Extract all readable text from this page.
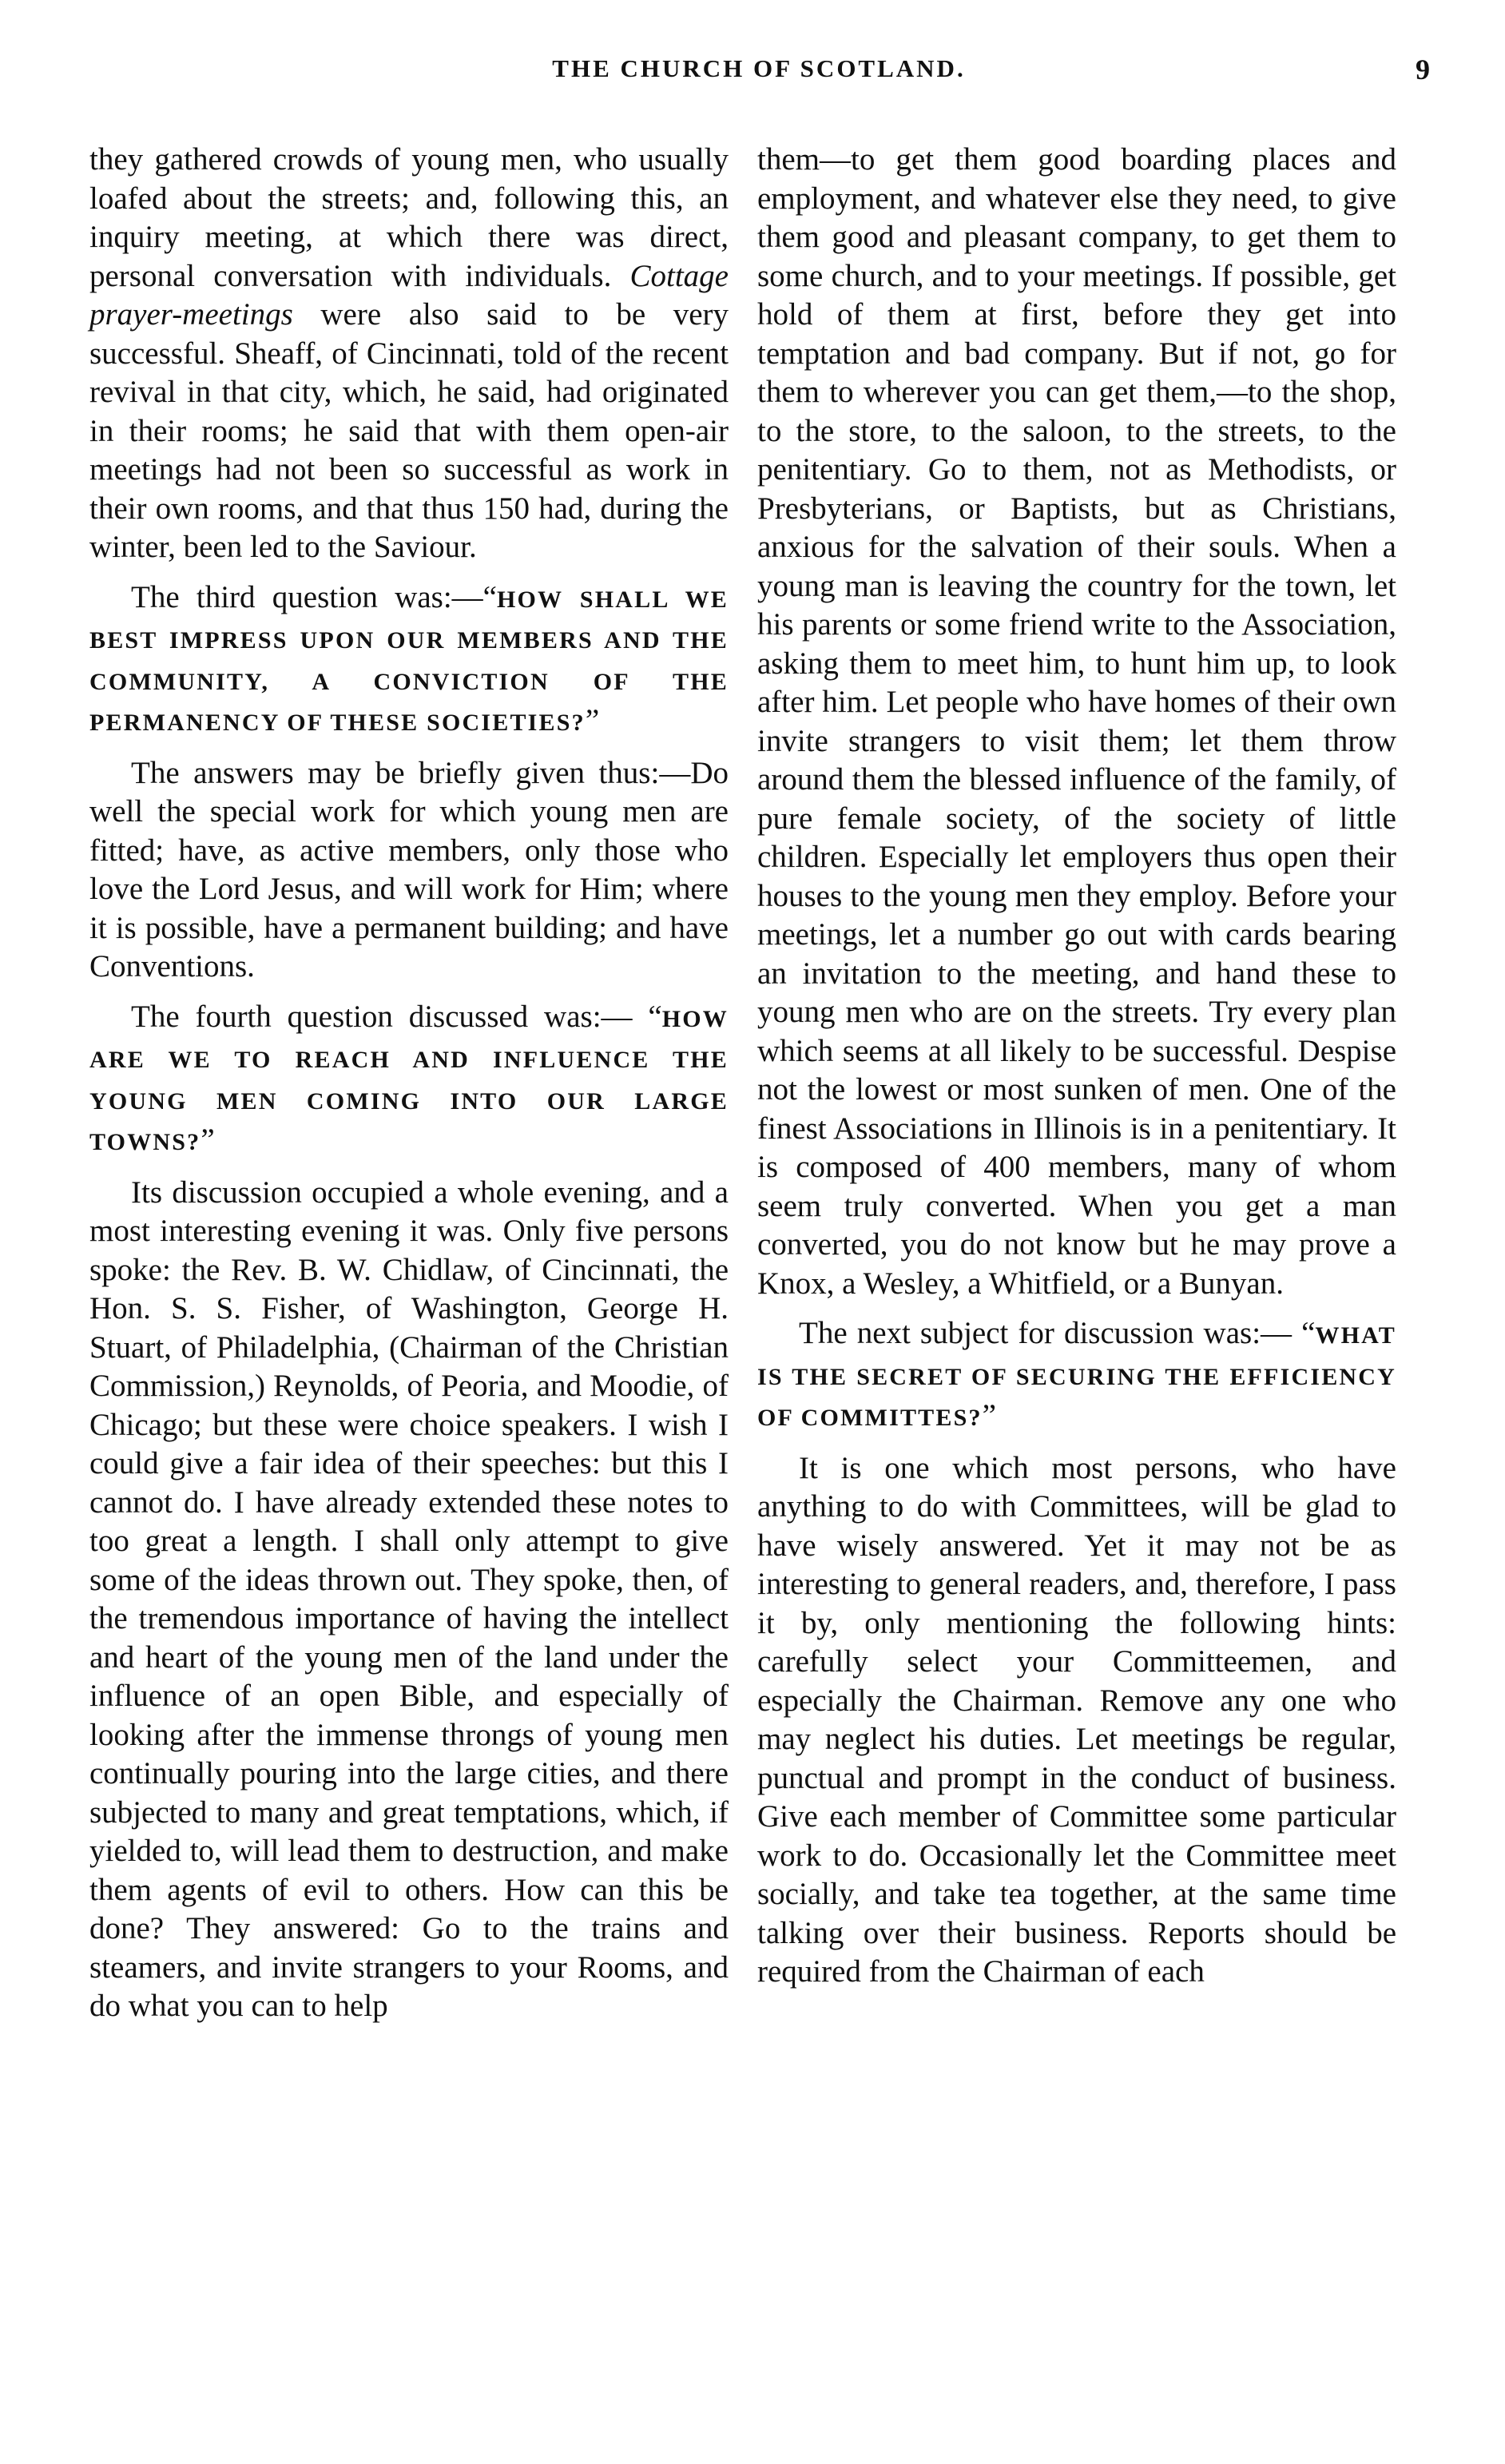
THE CHURCH OF SCOTLAND.	9

they gathered crowds of young men, who usually loafed about the streets; and, following this, an inquiry meeting, at which there was direct, personal conversation with individuals. Cottage prayer-meetings were also said to be very successful. Sheaff, of Cincinnati, told of the recent revival in that city, which, he said, had originated in their rooms; he said that with them open-air meetings had not been so successful as work in their own rooms, and that thus 150 had, during the winter, been led to the Saviour.

The third question was:—“HOW SHALL WE BEST IMPRESS UPON OUR MEMBERS AND THE COMMUNITY, A CONVICTION OF THE PERMANENCY OF THESE SOCIETIES?”

The answers may be briefly given thus:—Do well the special work for which young men are fitted; have, as active members, only those who love the Lord Jesus, and will work for Him; where it is possible, have a permanent building; and have Conventions.

The fourth question discussed was:— “HOW ARE WE TO REACH AND INFLUENCE THE YOUNG MEN COMING INTO OUR LARGE TOWNS?”

Its discussion occupied a whole evening, and a most interesting evening it was. Only five persons spoke: the Rev. B. W. Chidlaw, of Cincinnati, the Hon. S. S. Fisher, of Washington, George H. Stuart, of Philadelphia, (Chairman of the Christian Commission,) Reynolds, of Peoria, and Moodie, of Chicago; but these were choice speakers. I wish I could give a fair idea of their speeches: but this I cannot do. I have already extended these notes to too great a length. I shall only attempt to give some of the ideas thrown out. They spoke, then, of the tremendous importance of having the intellect and heart of the young men of the land under the influence of an open Bible, and especially of looking after the immense throngs of young men continually pouring into the large cities, and there subjected to many and great temptations, which, if yielded to, will lead them to destruction, and make them agents of evil to others. How can this be done? They answered: Go to the trains and steamers, and invite strangers to your Rooms, and do what you can to help

them—to get them good boarding places and employment, and whatever else they need, to give them good and pleasant company, to get them to some church, and to your meetings. If possible, get hold of them at first, before they get into temptation and bad company. But if not, go for them to wherever you can get them,—to the shop, to the store, to the saloon, to the streets, to the penitentiary. Go to them, not as Methodists, or Presbyterians, or Baptists, but as Christians, anxious for the salvation of their souls. When a young man is leaving the country for the town, let his parents or some friend write to the Association, asking them to meet him, to hunt him up, to look after him. Let people who have homes of their own invite strangers to visit them; let them throw around them the blessed influence of the family, of pure female society, of the society of little children. Especially let employers thus open their houses to the young men they employ. Before your meetings, let a number go out with cards bearing an invitation to the meeting, and hand these to young men who are on the streets. Try every plan which seems at all likely to be successful. Despise not the lowest or most sunken of men. One of the finest Associations in Illinois is in a penitentiary. It is composed of 400 members, many of whom seem truly converted. When you get a man converted, you do not know but he may prove a Knox, a Wesley, a Whitfield, or a Bunyan.

The next subject for discussion was:— “WHAT IS THE SECRET OF SECURING THE EFFICIENCY OF COMMITTES?”

It is one which most persons, who have anything to do with Committees, will be glad to have wisely answered. Yet it may not be as interesting to general readers, and, therefore, I pass it by, only mentioning the following hints: carefully select your Committeemen, and especially the Chairman. Remove any one who may neglect his duties. Let meetings be regular, punctual and prompt in the conduct of business. Give each member of Committee some particular work to do. Occasionally let the Committee meet socially, and take tea together, at the same time talking over their business. Reports should be required from the Chairman of each
